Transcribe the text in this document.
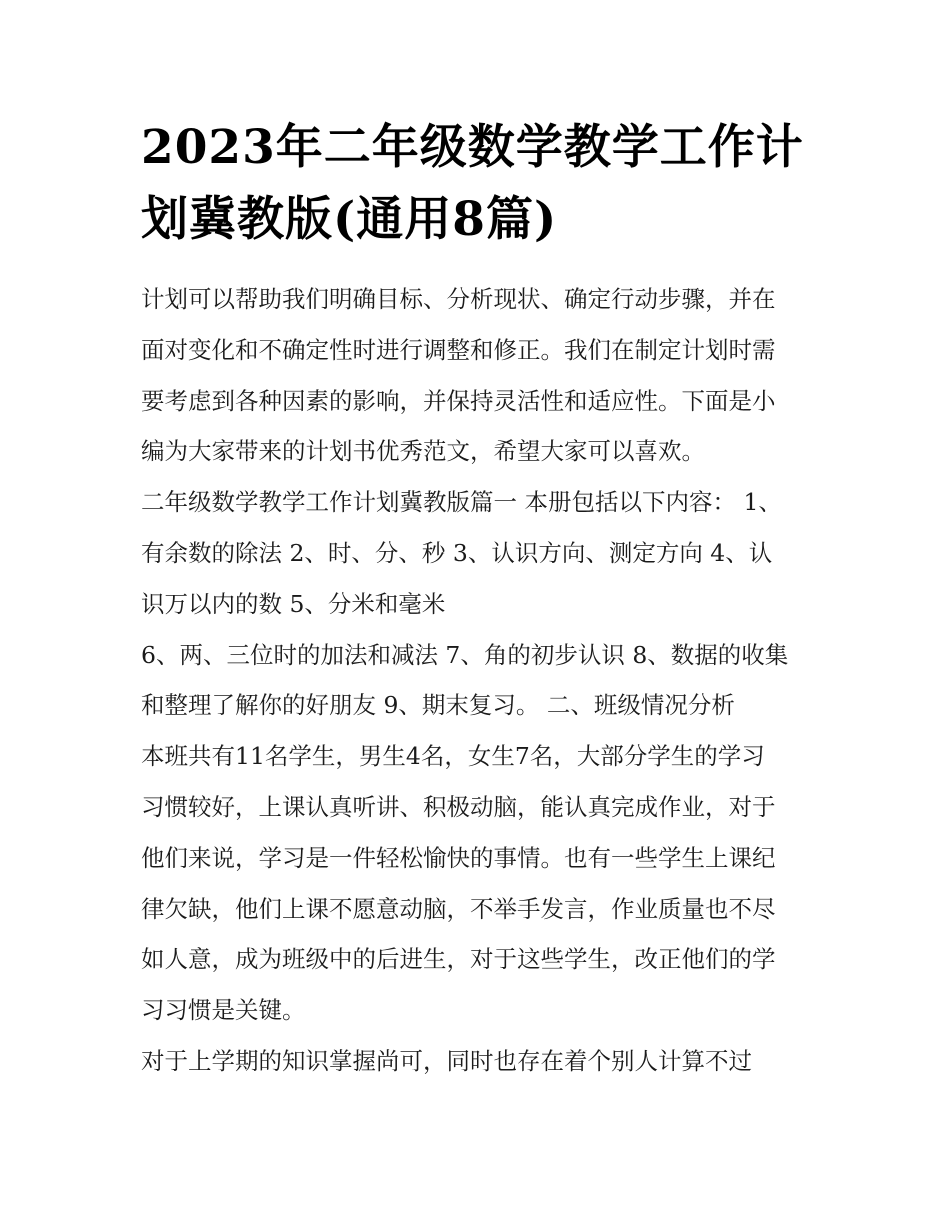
2023年二年级数学教学工作计
划冀教版(通用8篇)
计划可以帮助我们明确目标、分析现状、确定行动步骤，并在
面对变化和不确定性时进行调整和修正。我们在制定计划时需
要考虑到各种因素的影响，并保持灵活性和适应性。下面是小
编为大家带来的计划书优秀范文，希望大家可以喜欢。
二年级数学教学工作计划冀教版篇一 本册包括以下内容： 1、
有余数的除法 2、时、分、秒 3、认识方向、测定方向 4、认
识万以内的数 5、分米和毫米
6、两、三位时的加法和减法 7、角的初步认识 8、数据的收集
和整理了解你的好朋友 9、期末复习。 二、班级情况分析
本班共有11名学生，男生4名，女生7名，大部分学生的学习
习惯较好，上课认真听讲、积极动脑，能认真完成作业，对于
他们来说，学习是一件轻松愉快的事情。也有一些学生上课纪
律欠缺，他们上课不愿意动脑，不举手发言，作业质量也不尽
如人意，成为班级中的后进生，对于这些学生，改正他们的学
习习惯是关键。
对于上学期的知识掌握尚可，同时也存在着个别人计算不过
